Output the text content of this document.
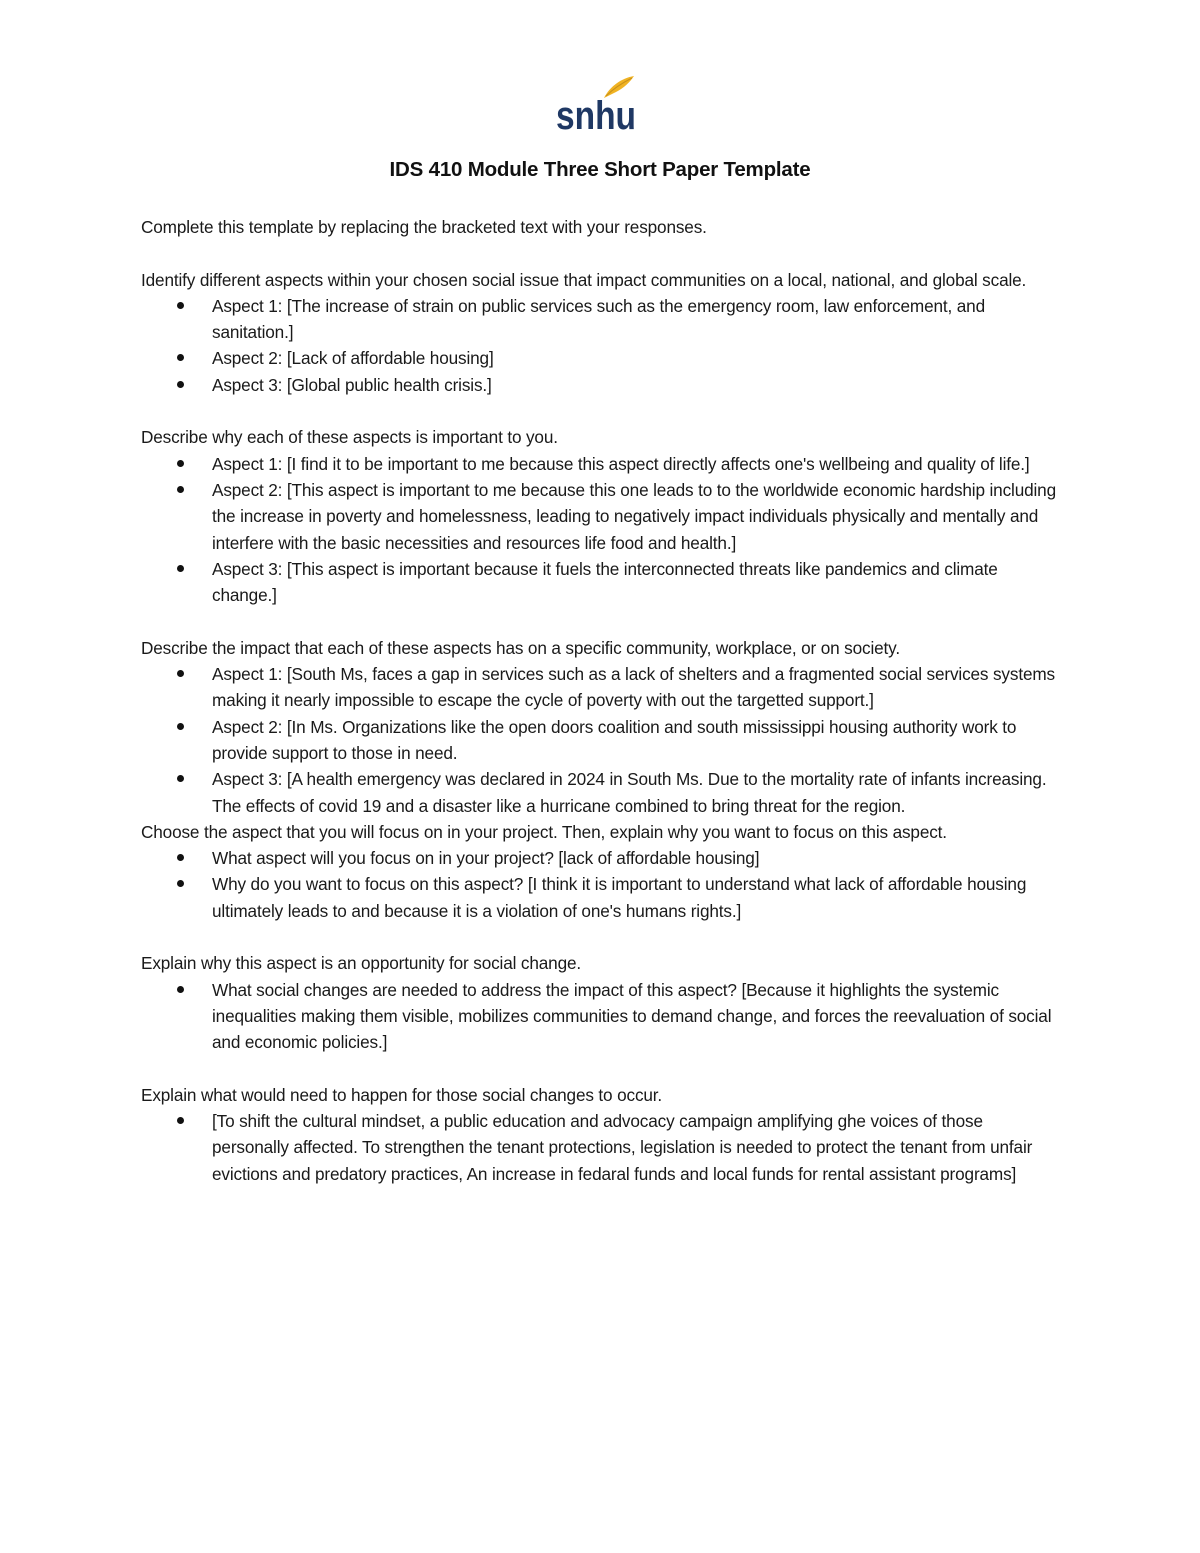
snhu
IDS 410 Module Three Short Paper Template

Complete this template by replacing the bracketed text with your responses.

Identify different aspects within your chosen social issue that impact communities on a local, national, and global scale.

Aspect 1: [The increase of strain on public services such as the emergency room, law enforcement, and sanitation.]
Aspect 2: [Lack of affordable housing]
Aspect 3: [Global public health crisis.]

Describe why each of these aspects is important to you.

Aspect 1: [I find it to be important to me because this aspect directly affects one's wellbeing and quality of life.]
Aspect 2: [This aspect is important to me because this one leads to to the worldwide economic hardship including the increase in poverty and homelessness, leading to negatively impact individuals physically and mentally and interfere with the basic necessities and resources life food and health.]
Aspect 3: [This aspect is important because it fuels the interconnected threats like pandemics and climate change.]

Describe the impact that each of these aspects has on a specific community, workplace, or on society.

Aspect 1: [South Ms, faces a gap in services such as a lack of shelters and a fragmented social services systems making it nearly impossible to escape the cycle of poverty with out the targetted support.]
Aspect 2: [In Ms. Organizations like the open doors coalition and south mississippi housing authority work to provide support to those in need.
Aspect 3: [A health emergency was declared in 2024 in South Ms. Due to the mortality rate of infants increasing. The effects of covid 19 and a disaster like a hurricane combined to bring threat for the region.

Choose the aspect that you will focus on in your project. Then, explain why you want to focus on this aspect.

What aspect will you focus on in your project? [lack of affordable housing]
Why do you want to focus on this aspect? [I think it is important to understand what lack of affordable housing ultimately leads to and because it is a violation of one's humans rights.]

Explain why this aspect is an opportunity for social change.

What social changes are needed to address the impact of this aspect? [Because it highlights the systemic inequalities making them visible, mobilizes communities to demand change, and forces the reevaluation of social and economic policies.]

Explain what would need to happen for those social changes to occur.

[To shift the cultural mindset, a public education and advocacy campaign amplifying ghe voices of those personally affected. To strengthen the tenant protections, legislation is needed to protect the tenant from unfair evictions and predatory practices, An increase in fedaral funds and local funds for rental assistant programs]
